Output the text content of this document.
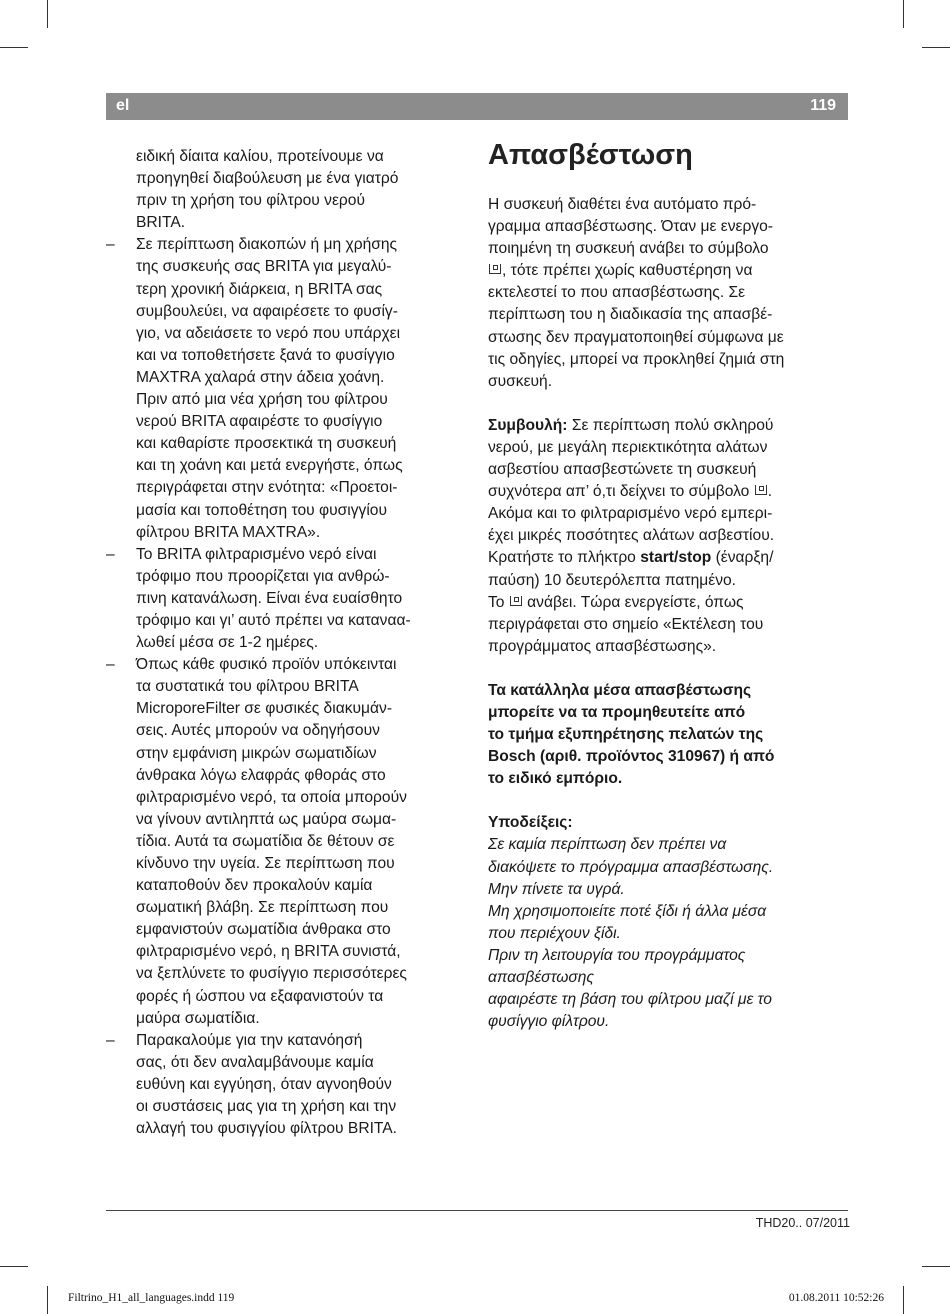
el	119

ειδική δίαιτα καλίου, προτείνουμε να
προηγηθεί διαβούλευση με ένα γιατρό
πριν τη χρήση του φίλτρου νερού
BRITA.

– Σε περίπτωση διακοπών ή μη χρήσης
της συσκευής σας BRITA για μεγαλύ-
τερη χρονική διάρκεια, η BRITA σας
συμβουλεύει, να αφαιρέσετε το φυσίγ-
γιο, να αδειάσετε το νερό που υπάρχει
και να τοποθετήσετε ξανά το φυσίγγιο
MAXTRA χαλαρά στην άδεια χοάνη.
Πριν από μια νέα χρήση του φίλτρου
νερού BRITA αφαιρέστε το φυσίγγιο
και καθαρίστε προσεκτικά τη συσκευή
και τη χοάνη και μετά ενεργήστε, όπως
περιγράφεται στην ενότητα: «Προετοι-
μασία και τοποθέτηση του φυσιγγίου
φίλτρου BRITA MAXTRA».
– Το BRITA φιλτραρισμένο νερό είναι
τρόφιμο που προορίζεται για ανθρώ-
πινη κατανάλωση. Είναι ένα ευαίσθητο
τρόφιμο και γι’ αυτό πρέπει να καταναα-
λωθεί μέσα σε 1-2 ημέρες.
– Όπως κάθε φυσικό προϊόν υπόκεινται
τα συστατικά του φίλτρου BRITA
MicroporeFilter σε φυσικές διακυμάν-
σεις. Αυτές μπορούν να οδηγήσουν
στην εμφάνιση μικρών σωματιδίων
άνθρακα λόγω ελαφράς φθοράς στο
φιλτραρισμένο νερό, τα οποία μπορούν
να γίνουν αντιληπτά ως μαύρα σωμα-
τίδια. Αυτά τα σωματίδια δε θέτουν σε
κίνδυνο την υγεία. Σε περίπτωση που
καταποθούν δεν προκαλούν καμία
σωματική βλάβη. Σε περίπτωση που
εμφανιστούν σωματίδια άνθρακα στο
φιλτραρισμένο νερό, η BRITA συνιστά,
να ξεπλύνετε το φυσίγγιο περισσότερες
φορές ή ώσπου να εξαφανιστούν τα
μαύρα σωματίδια.
– Παρακαλούμε για την κατανόησή
σας, ότι δεν αναλαμβάνουμε καμία
ευθύνη και εγγύηση, όταν αγνοηθούν
οι συστάσεις μας για τη χρήση και την
αλλαγή του φυσιγγίου φίλτρου BRITA.
Απασβέστωση

Η συσκευή διαθέτει ένα αυτόματο πρό-
γραμμα απασβέστωσης. Όταν με ενεργο-
ποιημένη τη συσκευή ανάβει το σύμβολο
, τότε πρέπει χωρίς καθυστέρηση να
εκτελεστεί το που απασβέστωσης. Σε
περίπτωση του η διαδικασία της απασβέ-
στωσης δεν πραγματοποιηθεί σύμφωνα με
τις οδηγίες, μπορεί να προκληθεί ζημιά στη
συσκευή.

Συμβουλή: Σε περίπτωση πολύ σκληρού
νερού, με μεγάλη περιεκτικότητα αλάτων
ασβεστίου απασβεστώνετε τη συσκευή
συχνότερα απ’ ό,τι δείχνει το σύμβολο .
Ακόμα και το φιλτραρισμένο νερό εμπερι-
έχει μικρές ποσότητες αλάτων ασβεστίου.
Κρατήστε το πλήκτρο start/stop (έναρξη/
παύση) 10 δευτερόλεπτα πατημένο.
Το  ανάβει. Τώρα ενεργείστε, όπως
περιγράφεται στο σημείο «Εκτέλεση του
προγράμματος απασβέστωσης».

Τα κατάλληλα μέσα απασβέστωσης
μπορείτε να τα προμηθευτείτε από
το τμήμα εξυπηρέτησης πελατών της
Bosch (αριθ. προϊόντος 310967) ή από
το ειδικό εμπόριο.

Υποδείξεις:
Σε καμία περίπτωση δεν πρέπει να
διακόψετε το πρόγραμμα απασβέστωσης.
Μην πίνετε τα υγρά.
Μη χρησιμοποιείτε ποτέ ξίδι ή άλλα μέσα
που περιέχουν ξίδι.
Πριν τη λειτουργία του προγράμματος
απασβέστωσης
αφαιρέστε τη βάση του φίλτρου μαζί με το
φυσίγγιο φίλτρου.

THD20.. 07/2011
Filtrino_H1_all_languages.indd 119	01.08.2011 10:52:26
